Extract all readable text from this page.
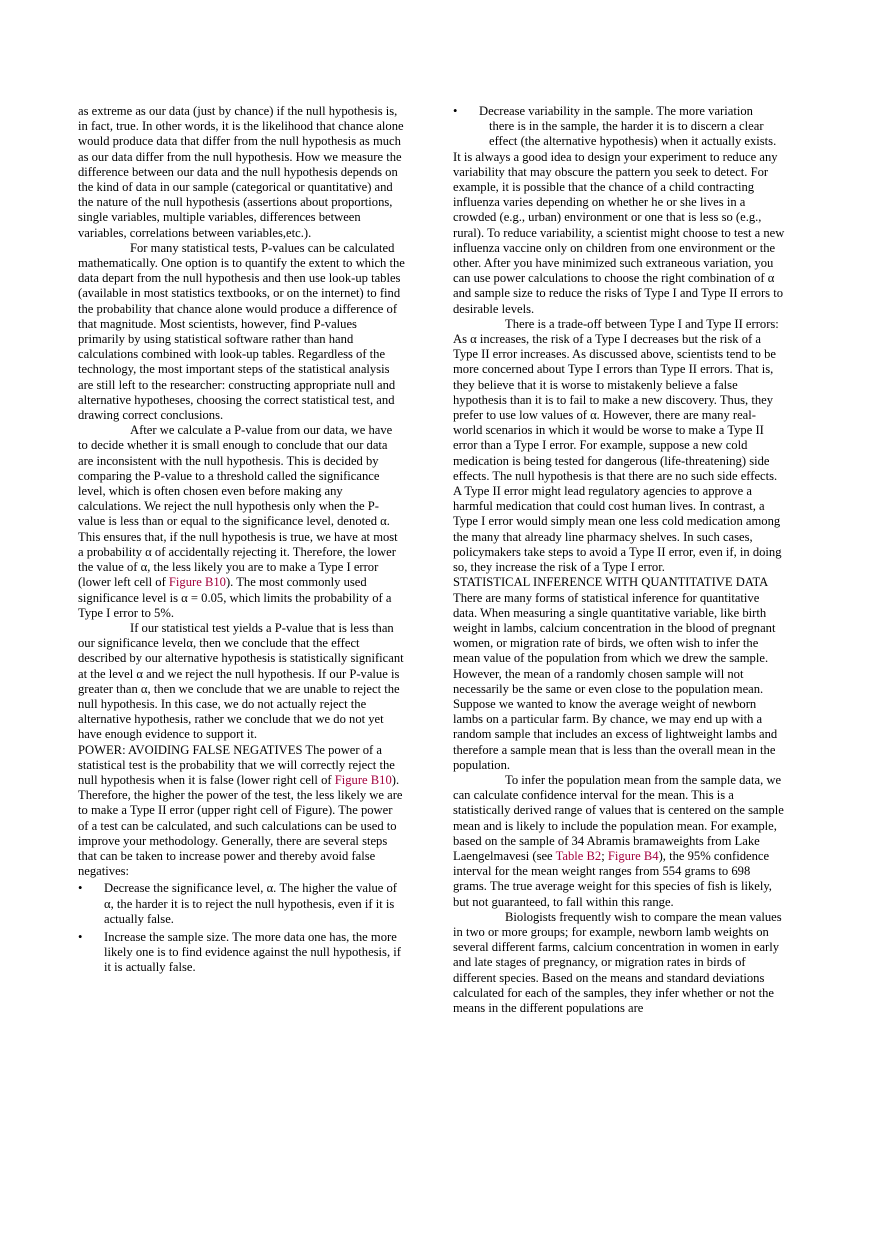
as extreme as our data (just by chance) if the null hypothesis is, in fact, true. In other words, it is the likelihood that chance alone would produce data that differ from the null hypothesis as much as our data differ from the null hypothesis. How we measure the difference between our data and the null hypothesis depends on the kind of data in our sample (categorical or quantitative) and the nature of the null hypothesis (assertions about proportions, single variables, multiple variables, differences between variables, correlations between variables,etc.).

For many statistical tests, P-values can be calculated mathematically. One option is to quantify the extent to which the data depart from the null hypothesis and then use look-up tables (available in most statistics textbooks, or on the internet) to find the probability that chance alone would produce a difference of that magnitude. Most scientists, however, find P-values primarily by using statistical software rather than hand calculations combined with look-up tables. Regardless of the technology, the most important steps of the statistical analysis are still left to the researcher: constructing appropriate null and alternative hypotheses, choosing the correct statistical test, and drawing correct conclusions.

After we calculate a P-value from our data, we have to decide whether it is small enough to conclude that our data are inconsistent with the null hypothesis. This is decided by comparing the P-value to a threshold called the significance level, which is often chosen even before making any calculations. We reject the null hypothesis only when the P-value is less than or equal to the significance level, denoted α. This ensures that, if the null hypothesis is true, we have at most a probability α of accidentally rejecting it. Therefore, the lower the value of α, the less likely you are to make a Type I error (lower left cell of Figure B10). The most commonly used significance level is α = 0.05, which limits the probability of a Type I error to 5%.

If our statistical test yields a P-value that is less than our significance levelα, then we conclude that the effect described by our alternative hypothesis is statistically significant at the level α and we reject the null hypothesis. If our P-value is greater than α, then we conclude that we are unable to reject the null hypothesis. In this case, we do not actually reject the alternative hypothesis, rather we conclude that we do not yet have enough evidence to support it.

POWER: AVOIDING FALSE NEGATIVES The power of a statistical test is the probability that we will correctly reject the null hypothesis when it is false (lower right cell of Figure B10). Therefore, the higher the power of the test, the less likely we are to make a Type II error (upper right cell of Figure). The power of a test can be calculated, and such calculations can be used to improve your methodology. Generally, there are several steps that can be taken to increase power and thereby avoid false negatives:

•	Decrease the significance level, α. The higher the value of α, the harder it is to reject the null hypothesis, even if it is actually false.
•	Increase the sample size. The more data one has, the more likely one is to find evidence against the null hypothesis, if it is actually false.
•	Decrease variability in the sample. The more variation
there is in the sample, the harder it is to discern a clear effect (the alternative hypothesis) when it actually exists.

It is always a good idea to design your experiment to reduce any variability that may obscure the pattern you seek to detect. For example, it is possible that the chance of a child contracting influenza varies depending on whether he or she lives in a crowded (e.g., urban) environment or one that is less so (e.g., rural). To reduce variability, a scientist might choose to test a new influenza vaccine only on children from one environment or the other. After you have minimized such extraneous variation, you can use power calculations to choose the right combination of α and sample size to reduce the risks of Type I and Type II errors to desirable levels.

There is a trade-off between Type I and Type II errors: As α increases, the risk of a Type I decreases but the risk of a Type II error increases. As discussed above, scientists tend to be more concerned about Type I errors than Type II errors. That is, they believe that it is worse to mistakenly believe a false hypothesis than it is to fail to make a new discovery. Thus, they prefer to use low values of α. However, there are many real-world scenarios in which it would be worse to make a Type II error than a Type I error. For example, suppose a new cold medication is being tested for dangerous (life-threatening) side effects. The null hypothesis is that there are no such side effects. A Type II error might lead regulatory agencies to approve a harmful medication that could cost human lives. In contrast, a Type I error would simply mean one less cold medication among the many that already line pharmacy shelves. In such cases, policymakers take steps to avoid a Type II error, even if, in doing so, they increase the risk of a Type I error.

STATISTICAL INFERENCE WITH QUANTITATIVE DATA There are many forms of statistical inference for quantitative data. When measuring a single quantitative variable, like birth weight in lambs, calcium concentration in the blood of pregnant women, or migration rate of birds, we often wish to infer the mean value of the population from which we drew the sample. However, the mean of a randomly chosen sample will not necessarily be the same or even close to the population mean. Suppose we wanted to know the average weight of newborn lambs on a particular farm. By chance, we may end up with a random sample that includes an excess of lightweight lambs and therefore a sample mean that is less than the overall mean in the population.

To infer the population mean from the sample data, we can calculate confidence interval for the mean. This is a statistically derived range of values that is centered on the sample mean and is likely to include the population mean. For example, based on the sample of 34 Abramis bramaweights from Lake Laengelmavesi (see Table B2; Figure B4), the 95% confidence interval for the mean weight ranges from 554 grams to 698 grams. The true average weight for this species of fish is likely, but not guaranteed, to fall within this range.

Biologists frequently wish to compare the mean values in two or more groups; for example, newborn lamb weights on several different farms, calcium concentration in women in early and late stages of pregnancy, or migration rates in birds of different species. Based on the means and standard deviations calculated for each of the samples, they infer whether or not the means in the different populations are
